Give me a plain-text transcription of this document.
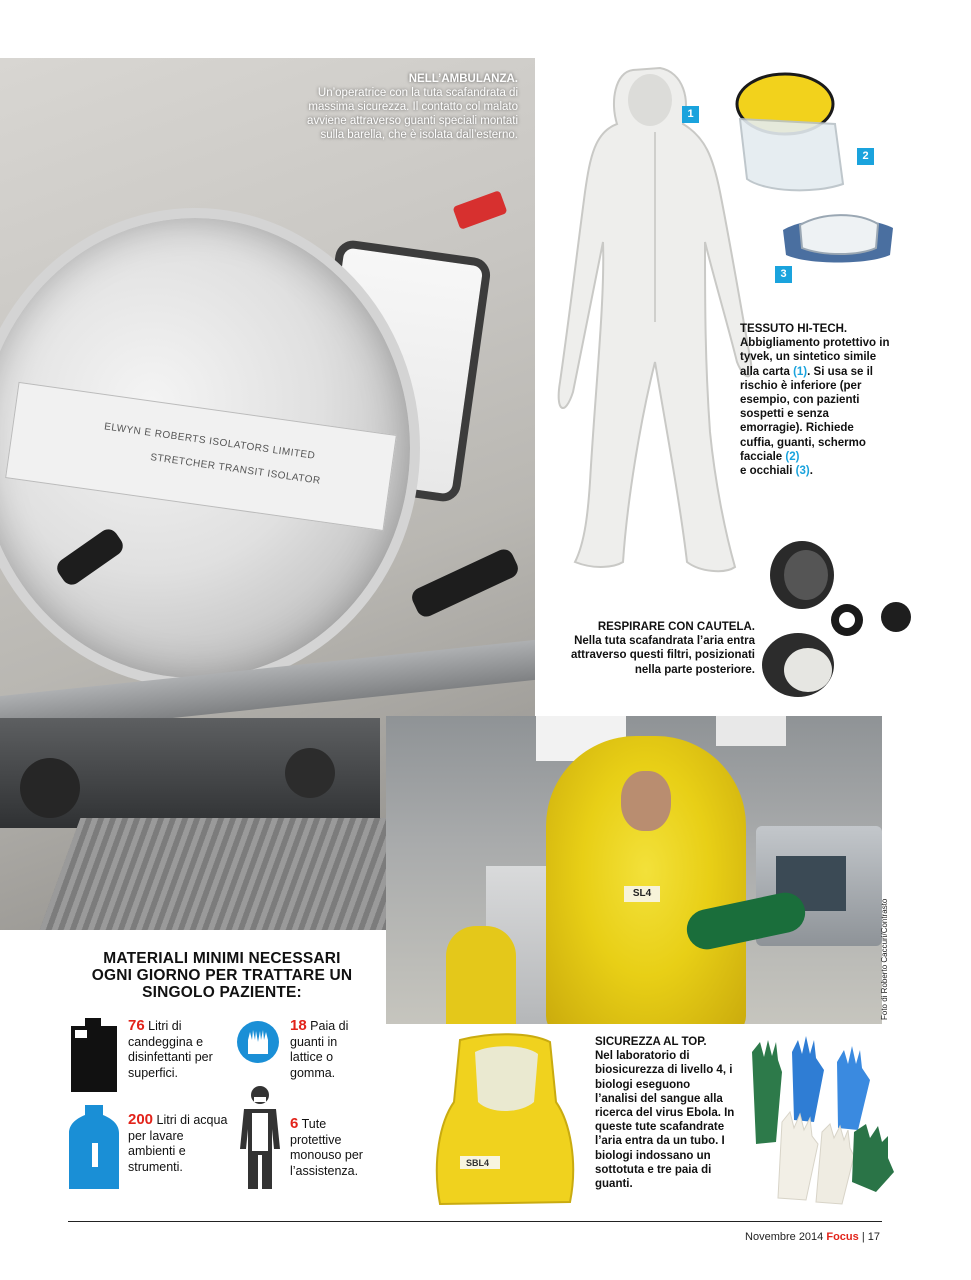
ELWYN E ROBERTS ISOLATORS LIMITED
STRETCHER TRANSIT ISOLATOR
NELL’AMBULANZA.
Un’operatrice con la tuta scafandrata di massima sicurezza. Il contatto col malato avviene attraverso guanti speciali montati sulla barella, che è isolata dall’esterno.
1
2
3
TESSUTO HI-TECH.
Abbigliamento protettivo in tyvek, un sintetico simile alla carta (1). Si usa se il rischio è inferiore (per esempio, con pazienti sospetti e senza emorragie). Richiede cuffia, guanti, schermo facciale (2)
e occhiali (3).
RESPIRARE CON CAUTELA.
Nella tuta scafandrata l’aria entra attraverso questi filtri, posizionati nella parte posteriore.
SL4
Foto di Roberto Caccuri/Contrasto
MATERIALI MINIMI NECESSARI OGNI GIORNO PER TRATTARE UN SINGOLO PAZIENTE:
76 Litri di candeggina e disinfettanti per superfici.
200 Litri di acqua per lavare ambienti e strumenti.
18 Paia di guanti in lattice o gomma.
6 Tute protettive monouso per l’assistenza.
SBL4
SICUREZZA AL TOP.
Nel laboratorio di biosicurezza di livello 4, i biologi eseguono l’analisi del sangue alla ricerca del virus Ebola. In queste tute scafandrate l’aria entra da un tubo. I biologi indossano un sottotuta e tre paia di guanti.
Novembre 2014 Focus | 17
